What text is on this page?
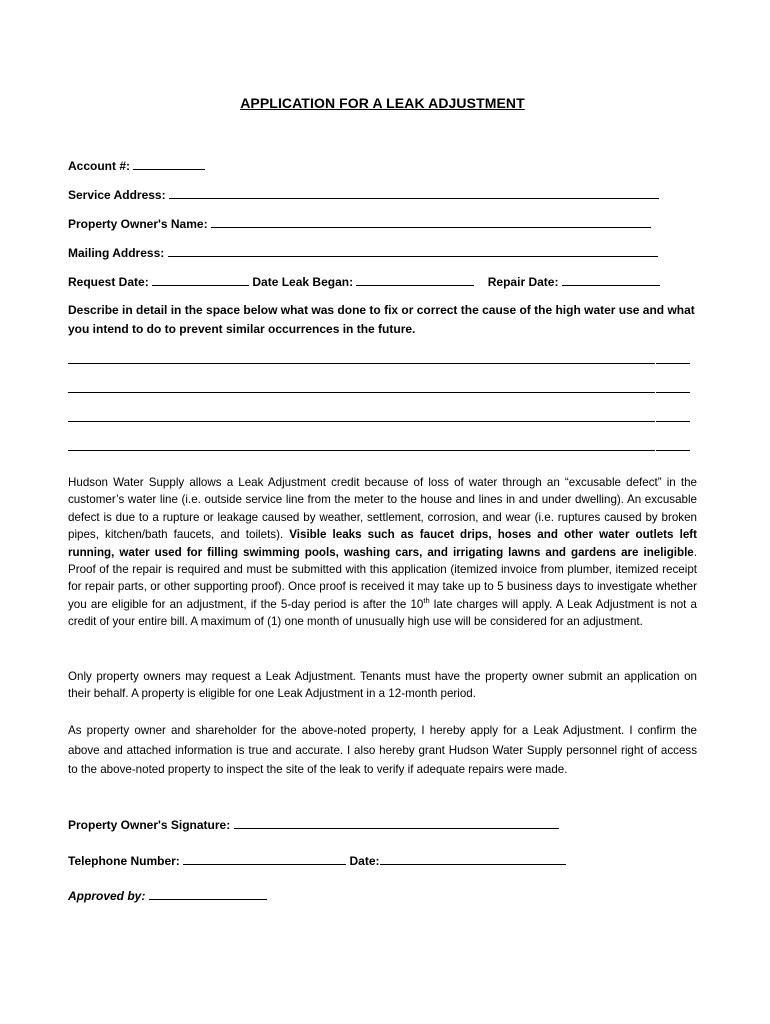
APPLICATION FOR A LEAK ADJUSTMENT
Account #:
Service Address:
Property Owner's Name:
Mailing Address:
Request Date:	Date Leak Began:	Repair Date:
Describe in detail in the space below what was done to fix or correct the cause of the high water use and what you intend to do to prevent similar occurrences in the future.
Hudson Water Supply allows a Leak Adjustment credit because of loss of water through an “excusable defect” in the customer’s water line (i.e. outside service line from the meter to the house and lines in and under dwelling). An excusable defect is due to a rupture or leakage caused by weather, settlement, corrosion, and wear (i.e. ruptures caused by broken pipes, kitchen/bath faucets, and toilets). Visible leaks such as faucet drips, hoses and other water outlets left running, water used for filling swimming pools, washing cars, and irrigating lawns and gardens are ineligible. Proof of the repair is required and must be submitted with this application (itemized invoice from plumber, itemized receipt for repair parts, or other supporting proof). Once proof is received it may take up to 5 business days to investigate whether you are eligible for an adjustment, if the 5-day period is after the 10th late charges will apply. A Leak Adjustment is not a credit of your entire bill. A maximum of (1) one month of unusually high use will be considered for an adjustment.
Only property owners may request a Leak Adjustment. Tenants must have the property owner submit an application on their behalf. A property is eligible for one Leak Adjustment in a 12-month period.
As property owner and shareholder for the above-noted property, I hereby apply for a Leak Adjustment. I confirm the above and attached information is true and accurate. I also hereby grant Hudson Water Supply personnel right of access to the above-noted property to inspect the site of the leak to verify if adequate repairs were made.
Property Owner's Signature:
Telephone Number:	Date:
Approved by:
